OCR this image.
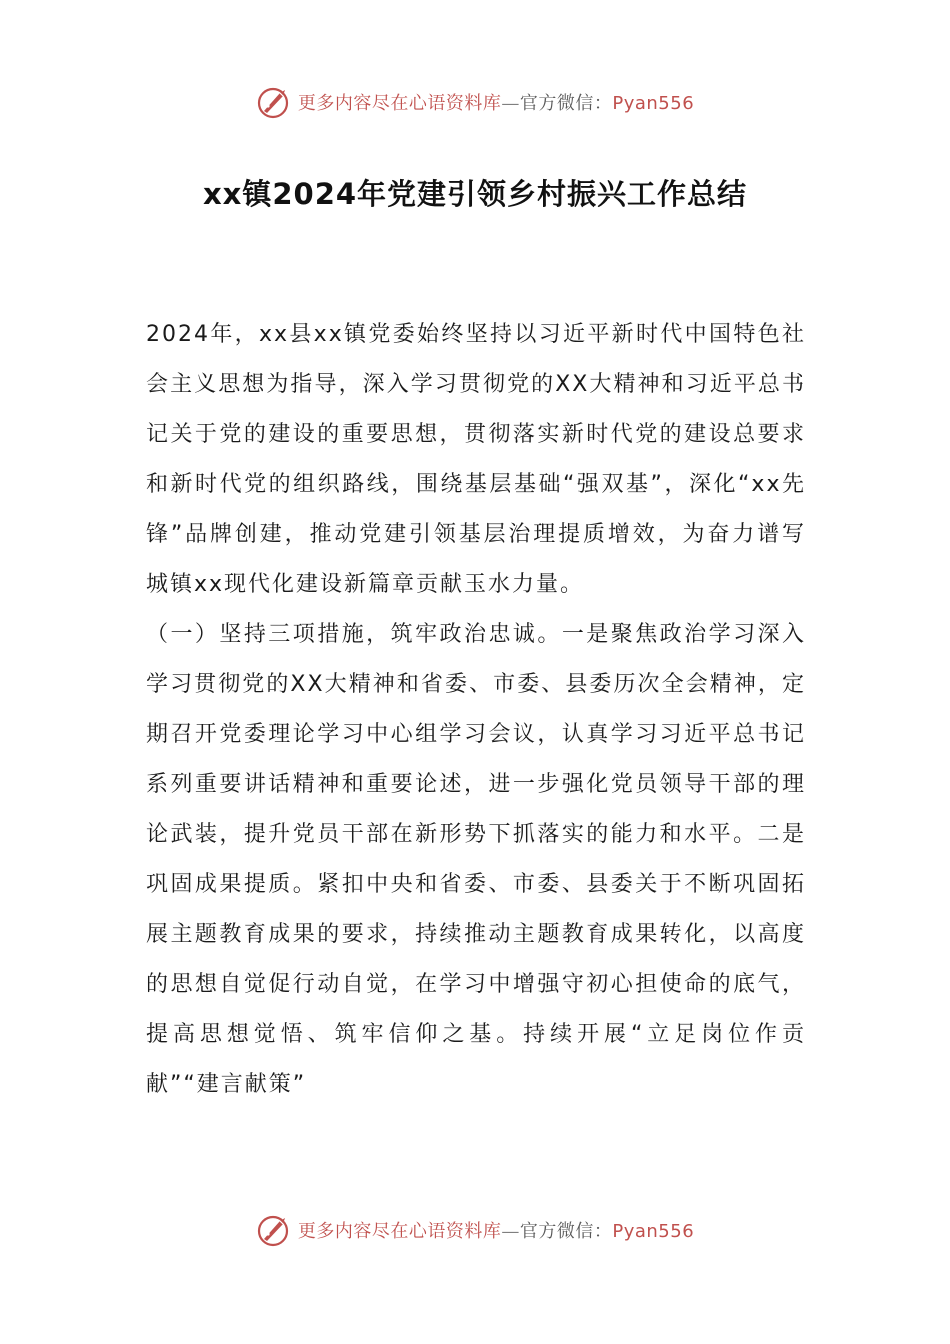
更多内容尽在心语资料库—官方微信：Pyan556
xx镇2024年党建引领乡村振兴工作总结

2024年，xx县xx镇党委始终坚持以习近平新时代中国特色社会主义思想为指导，深入学习贯彻党的XX大精神和习近平总书记关于党的建设的重要思想，贯彻落实新时代党的建设总要求和新时代党的组织路线，围绕基层基础“强双基”，深化“xx先锋”品牌创建，推动党建引领基层治理提质增效，为奋力谱写城镇xx现代化建设新篇章贡献玉水力量。

（一）坚持三项措施，筑牢政治忠诚。一是聚焦政治学习深入学习贯彻党的XX大精神和省委、市委、县委历次全会精神，定期召开党委理论学习中心组学习会议，认真学习习近平总书记系列重要讲话精神和重要论述，进一步强化党员领导干部的理论武装，提升党员干部在新形势下抓落实的能力和水平。二是巩固成果提质。紧扣中央和省委、市委、县委关于不断巩固拓展主题教育成果的要求，持续推动主题教育成果转化，以高度的思想自觉促行动自觉，在学习中增强守初心担使命的底气，提高思想觉悟、筑牢信仰之基。持续开展“立足岗位作贡献”“建言献策”

更多内容尽在心语资料库—官方微信：Pyan556
